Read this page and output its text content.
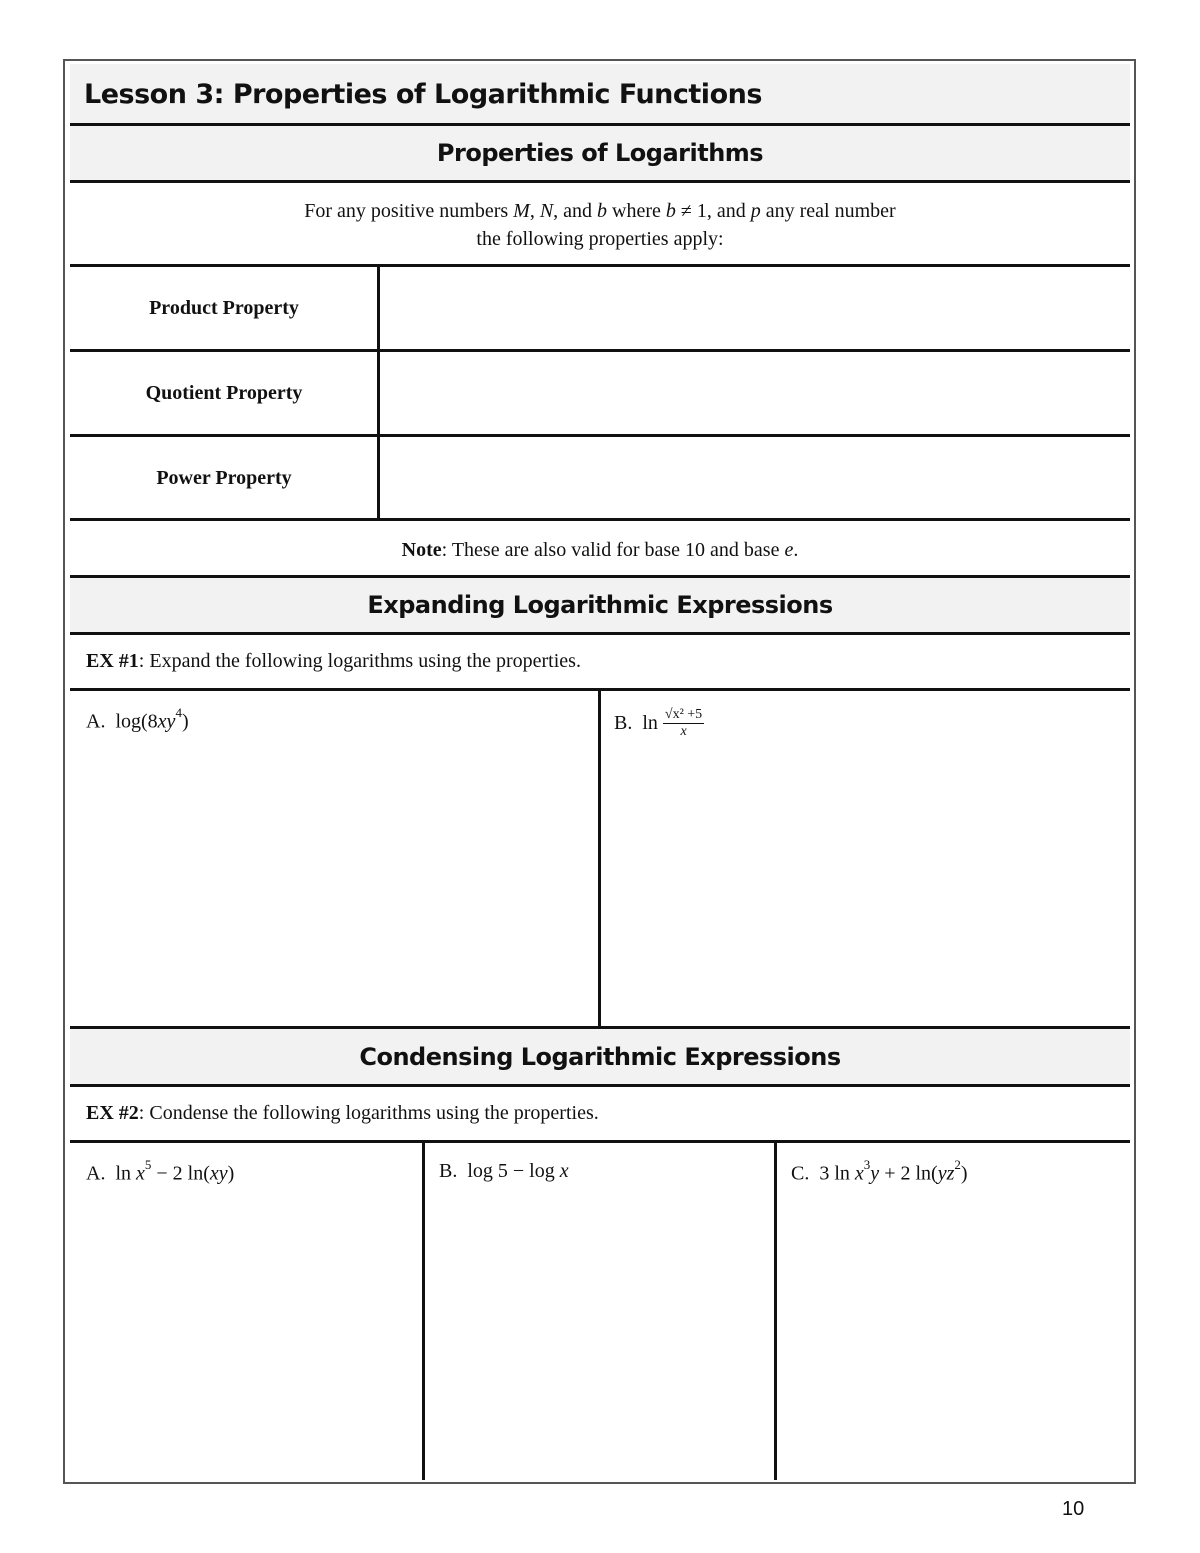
Lesson 3: Properties of Logarithmic Functions
Properties of Logarithms
For any positive numbers M, N, and b where b ≠ 1, and p any real number
the following properties apply:
Product Property
Quotient Property
Power Property
Note: These are also valid for base 10 and base e.
Expanding Logarithmic Expressions
EX #1 : Expand the following logarithms using the properties.
A. $\log(8xy^4)$	B. $\ln \frac{\text{√x² +5}}{x}$
Condensing Logarithmic Expressions
EX #2 : Condense the following logarithms using the properties.
A. $\ln x^5 - 2$ ln(xy)	B. log 5 − log x	C. 3 $\ln x^3y + 2$ $\ln(yz^2)$
10
